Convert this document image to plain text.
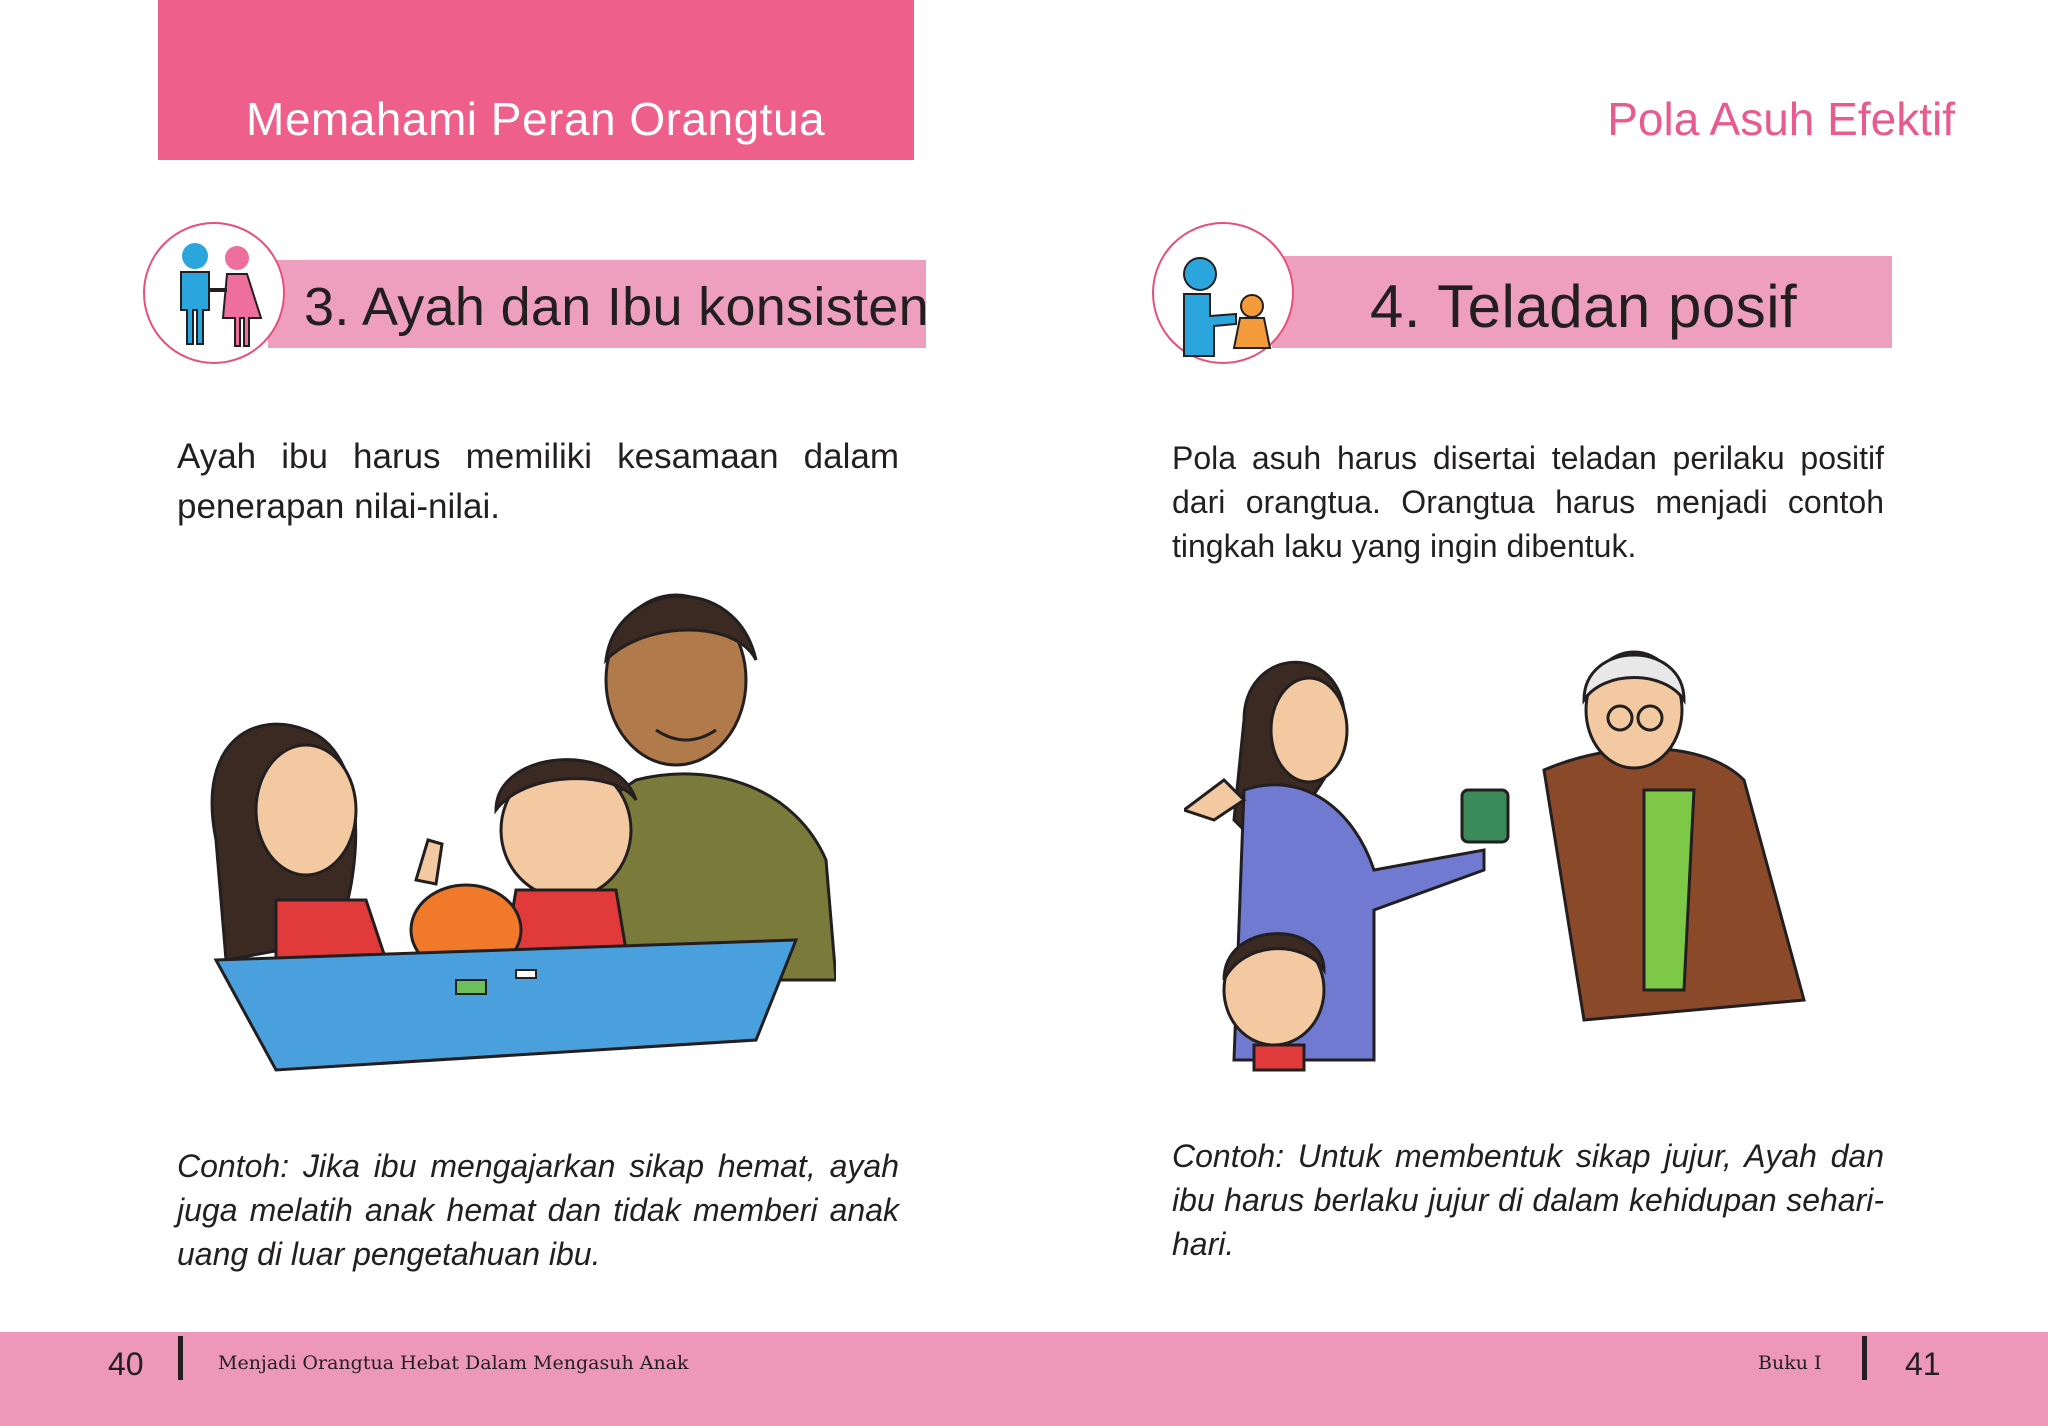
Memahami Peran Orangtua	Pola Asuh Efektif
3. Ayah dan Ibu konsisten	4. Teladan posif
Ayah ibu harus memiliki kesamaan dalam penerapan nilai-nilai.
Pola asuh harus disertai teladan perilaku positif dari orangtua. Orangtua harus menjadi contoh tingkah laku yang ingin dibentuk.
Contoh: Jika ibu mengajarkan sikap hemat, ayah juga melatih anak hemat dan tidak memberi anak uang di luar pengetahuan ibu.
Contoh: Untuk membentuk sikap jujur, Ayah dan ibu harus berlaku jujur di dalam kehidupan sehari-hari.
40	Menjadi Orangtua Hebat Dalam Mengasuh Anak	Buku I	41
